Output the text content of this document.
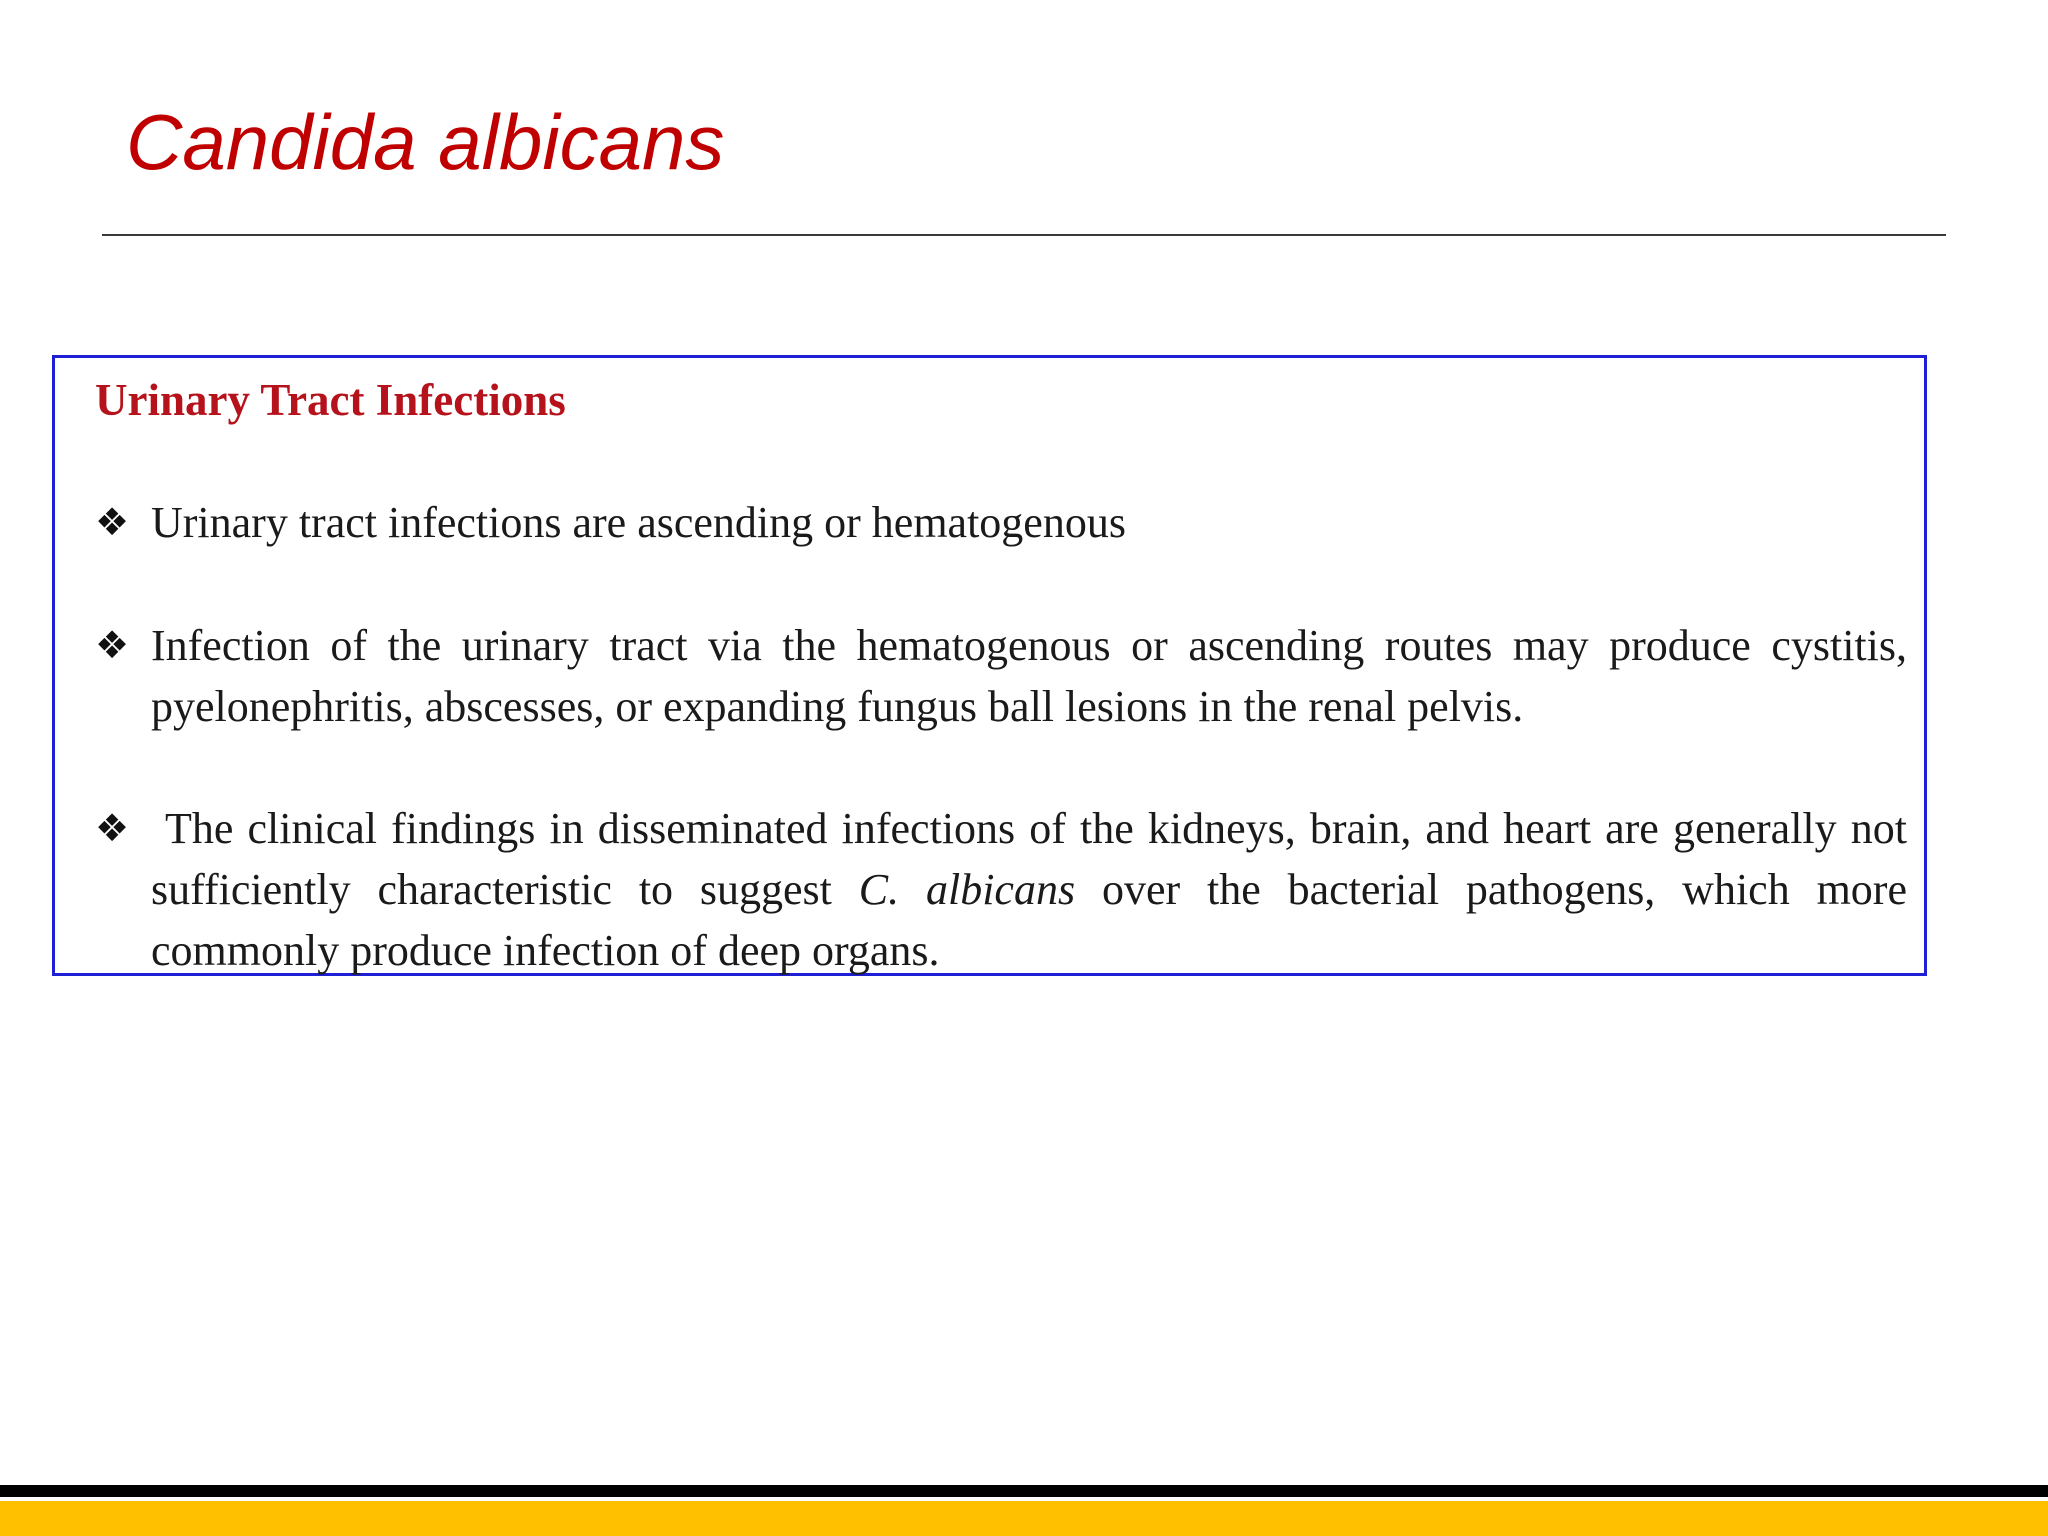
Candida albicans
Urinary Tract Infections
❖ Urinary tract infections are ascending or hematogenous
❖ Infection of the urinary tract via the hematogenous or ascending routes may produce cystitis, pyelonephritis, abscesses, or expanding fungus ball lesions in the renal pelvis.
❖ The clinical findings in disseminated infections of the kidneys, brain, and heart are generally not sufficiently characteristic to suggest C. albicans over the bacterial pathogens, which more commonly produce infection of deep organs.
